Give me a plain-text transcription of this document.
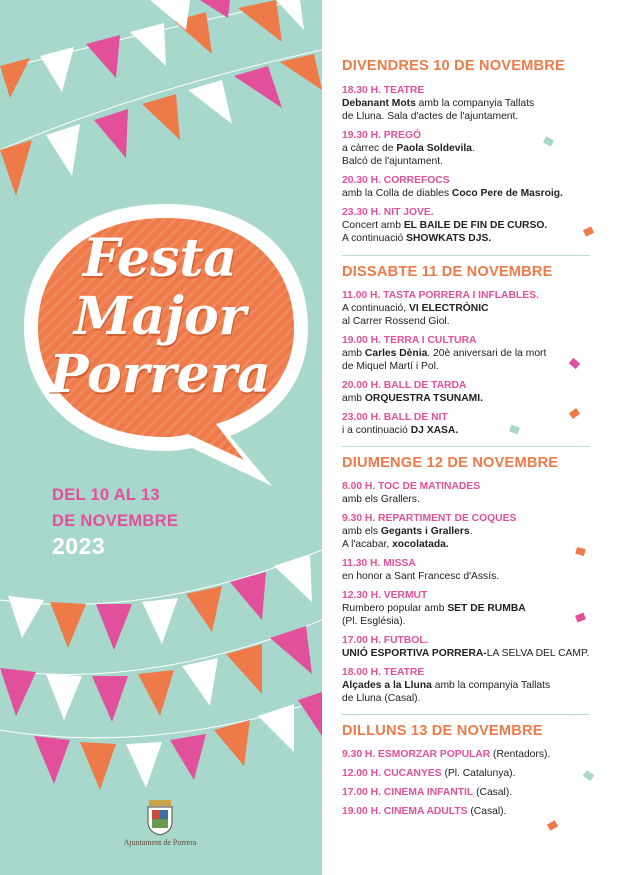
Festa
Major
Porrera
DEL 10 AL 13
DE NOVEMBRE
2023
Ajuntament de Porrera
DIVENDRES 10 DE NOVEMBRE
18.30 H. TEATRE
Debanant Mots amb la companyia Tallats
de Lluna. Sala d'actes de l'ajuntament.
19.30 H. PREGÓ
a càrrec de Paola Soldevila.
Balcó de l'ajuntament.
20.30 H. CORREFOCS
amb la Colla de diables Coco Pere de Masroig.
23.30 H. NIT JOVE.
Concert amb EL BAILE DE FIN DE CURSO.
A continuació SHOWKATS DJS.
DISSABTE 11 DE NOVEMBRE
11.00 H. TASTA PORRERA I INFLABLES.
A continuació, VI ELECTRÒNIC
al Carrer Rossend Giol.
19.00 H. TERRA I CULTURA
amb Carles Dènia. 20è aniversari de la mort
de Miquel Martí i Pol.
20.00 H. BALL DE TARDA
amb ORQUESTRA TSUNAMI.
23.00 H. BALL DE NIT
i a continuació DJ XASA.
DIUMENGE 12 DE NOVEMBRE
8.00 H. TOC DE MATINADES
amb els Grallers.
9.30 H. REPARTIMENT DE COQUES
amb els Gegants i Grallers.
A l'acabar, xocolatada.
11.30 H. MISSA
en honor a Sant Francesc d'Assís.
12.30 H. VERMUT
Rumbero popular amb SET DE RUMBA
(Pl. Església).
17.00 H. FUTBOL.
UNIÓ ESPORTIVA PORRERA-LA SELVA DEL CAMP.
18.00 H. TEATRE
Alçades a la Lluna amb la companyia Tallats
de Lluna (Casal).
DILLUNS 13 DE NOVEMBRE
9.30 H. ESMORZAR POPULAR (Rentadors).
12.00 H. CUCANYES (Pl. Catalunya).
17.00 H. CINEMA INFANTIL (Casal).
19.00 H. CINEMA ADULTS (Casal).
